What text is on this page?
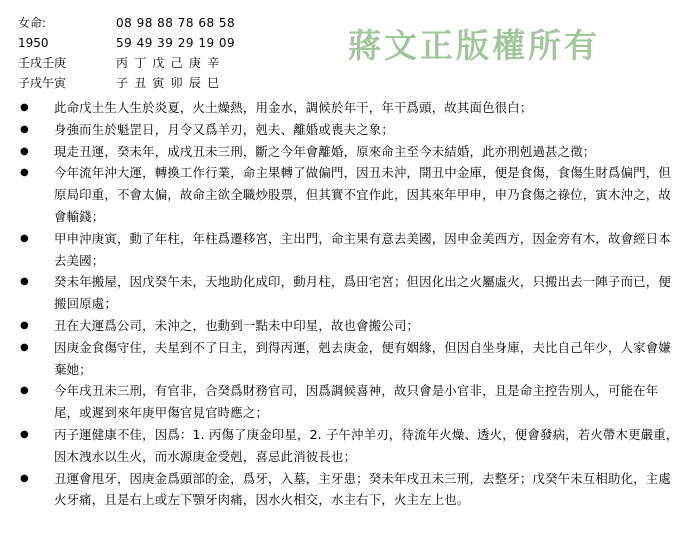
女命:	08 98 88 78 68 58
1950	59 49 39 29 19 09
壬戌壬庚	丙 丁 戊 己 庚 辛
子戌午寅	子 丑 寅 卯 辰 巳
蔣文正版權所有
● 此命戊土生人生於炎夏，火土燥熱，用金水，調候於年干，年干爲頭，故其面色很白；
● 身強而生於魁罡日，月令又爲羊刃，剋夫、離婚或喪夫之象；
● 現走丑運，癸未年，成戌丑未三刑，斷之今年會離婚，原來命主至今未結婚，此亦刑剋過甚之徵；
● 今年流年沖大運，轉換工作行業，命主果轉了做偏門，因丑未沖，開丑中金庫，便是食傷，食傷生財爲偏門，但原局印重，不會太偏，故命主欲全職炒股票，但其實不宜作此，因其來年甲申，申乃食傷之祿位，寅木沖之，故會輸錢；
● 甲申沖庚寅，動了年柱，年柱爲遷移宮，主出門，命主果有意去美國，因申金美西方，因金旁有木，故會經日本去美國；
● 癸未年搬屋，因戊癸午未，天地助化成印，動月柱，爲田宅宮；但因化出之火屬虛火，只搬出去一陣子而已，便搬回原處；
● 丑在大運爲公司，未沖之，也動到一點未中印星，故也會搬公司；
● 因庚金食傷守住，夫星到不了日主，到得丙運，剋去庚金，便有姻緣，但因自坐身庫，夫比自己年少，人家會嫌棄她；
● 今年戌丑未三刑，有官非，合癸爲財務官司，因爲調候喜神，故只會是小官非，且是命主控告別人，可能在年尾，或遲到來年庚甲傷官見官時應之；
● 丙子運健康不佳，因爲：1. 丙傷了庚金印星，2. 子午沖羊刃，待流年火燥、透火，便會發病，若火帶木更嚴重，因木洩水以生火，而水源庚金受剋，喜忌此消彼長也；
● 丑運會甩牙，因庚金爲頭部的金，爲牙，入墓，主牙患；癸未年戌丑未三刑，去整牙；戊癸午未互相助化，主處火牙痛，且是右上或左下顎牙肉痛，因水火相交，水主右下，火主左上也。
